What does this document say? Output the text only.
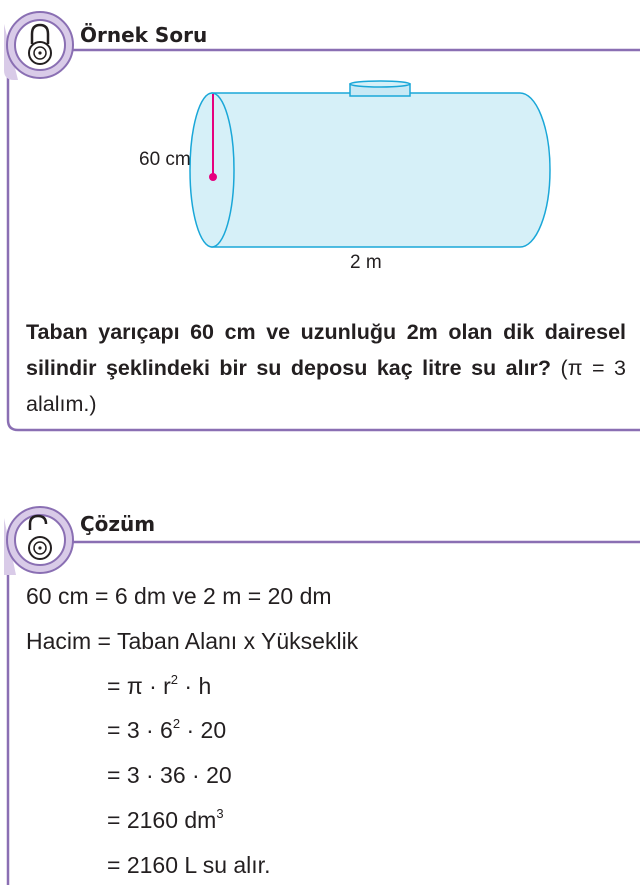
Örnek Soru
Çözüm
60 cm
2 m
Taban yarıçapı 60 cm ve uzunluğu 2m olan dik dairesel silindir şeklindeki bir su deposu kaç litre su alır? (π = 3 alalım.)
60 cm = 6 dm ve 2 m = 20 dm
Hacim = Taban Alanı x Yükseklik
= $\pi \cdot r^2 \cdot h$
= $3 \cdot 6^2 \cdot 20$
= 3 · 36 · 20
= 2160 $dm^3$
= 2160 L su alır.
